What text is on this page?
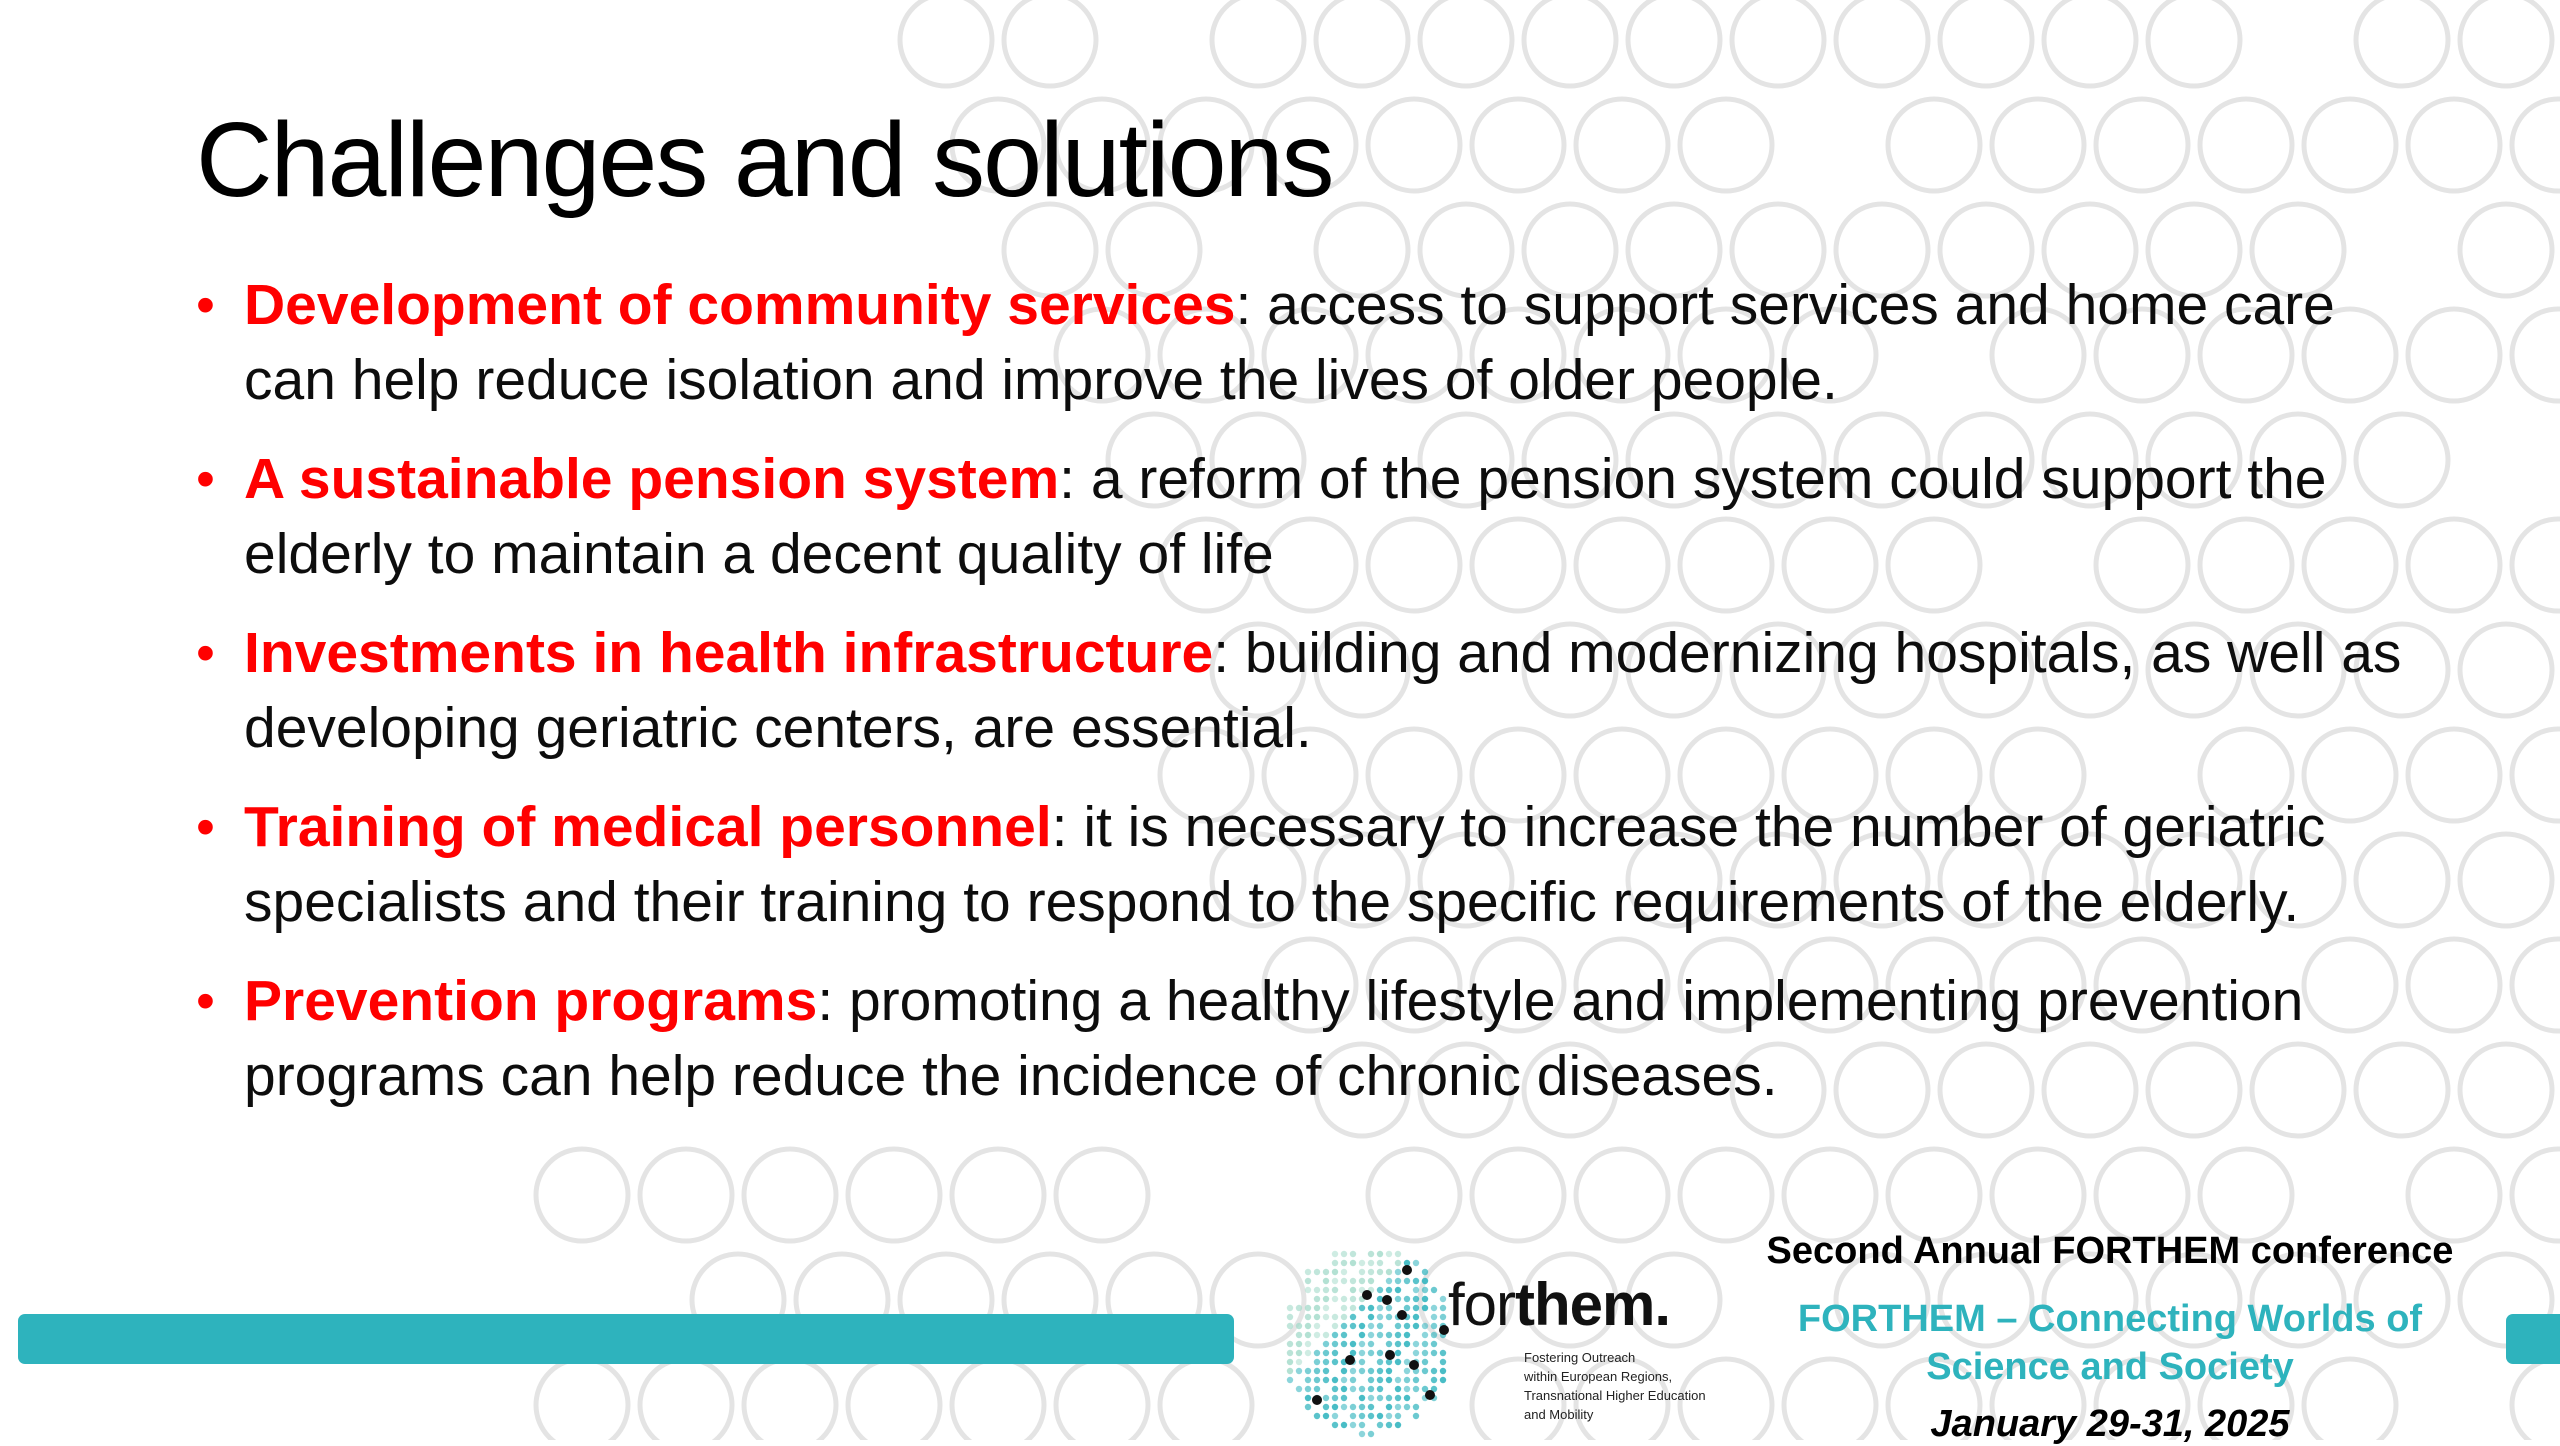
Challenges and solutions
• Development of community services: access to support services and home care can help reduce isolation and improve the lives of older people.
• A sustainable pension system: a reform of the pension system could support the elderly to maintain a decent quality of life
• Investments in health infrastructure: building and modernizing hospitals, as well as developing geriatric centers, are essential.
• Training of medical personnel: it is necessary to increase the number of geriatric specialists and their training to respond to the specific requirements of the elderly.
• Prevention programs: promoting a healthy lifestyle and implementing prevention programs can help reduce the incidence of chronic diseases.
forthem.
Fostering Outreach
within European Regions,
Transnational Higher Education
and Mobility
Second Annual FORTHEM conference
FORTHEM – Connecting Worlds of
Science and Society
January 29-31, 2025
